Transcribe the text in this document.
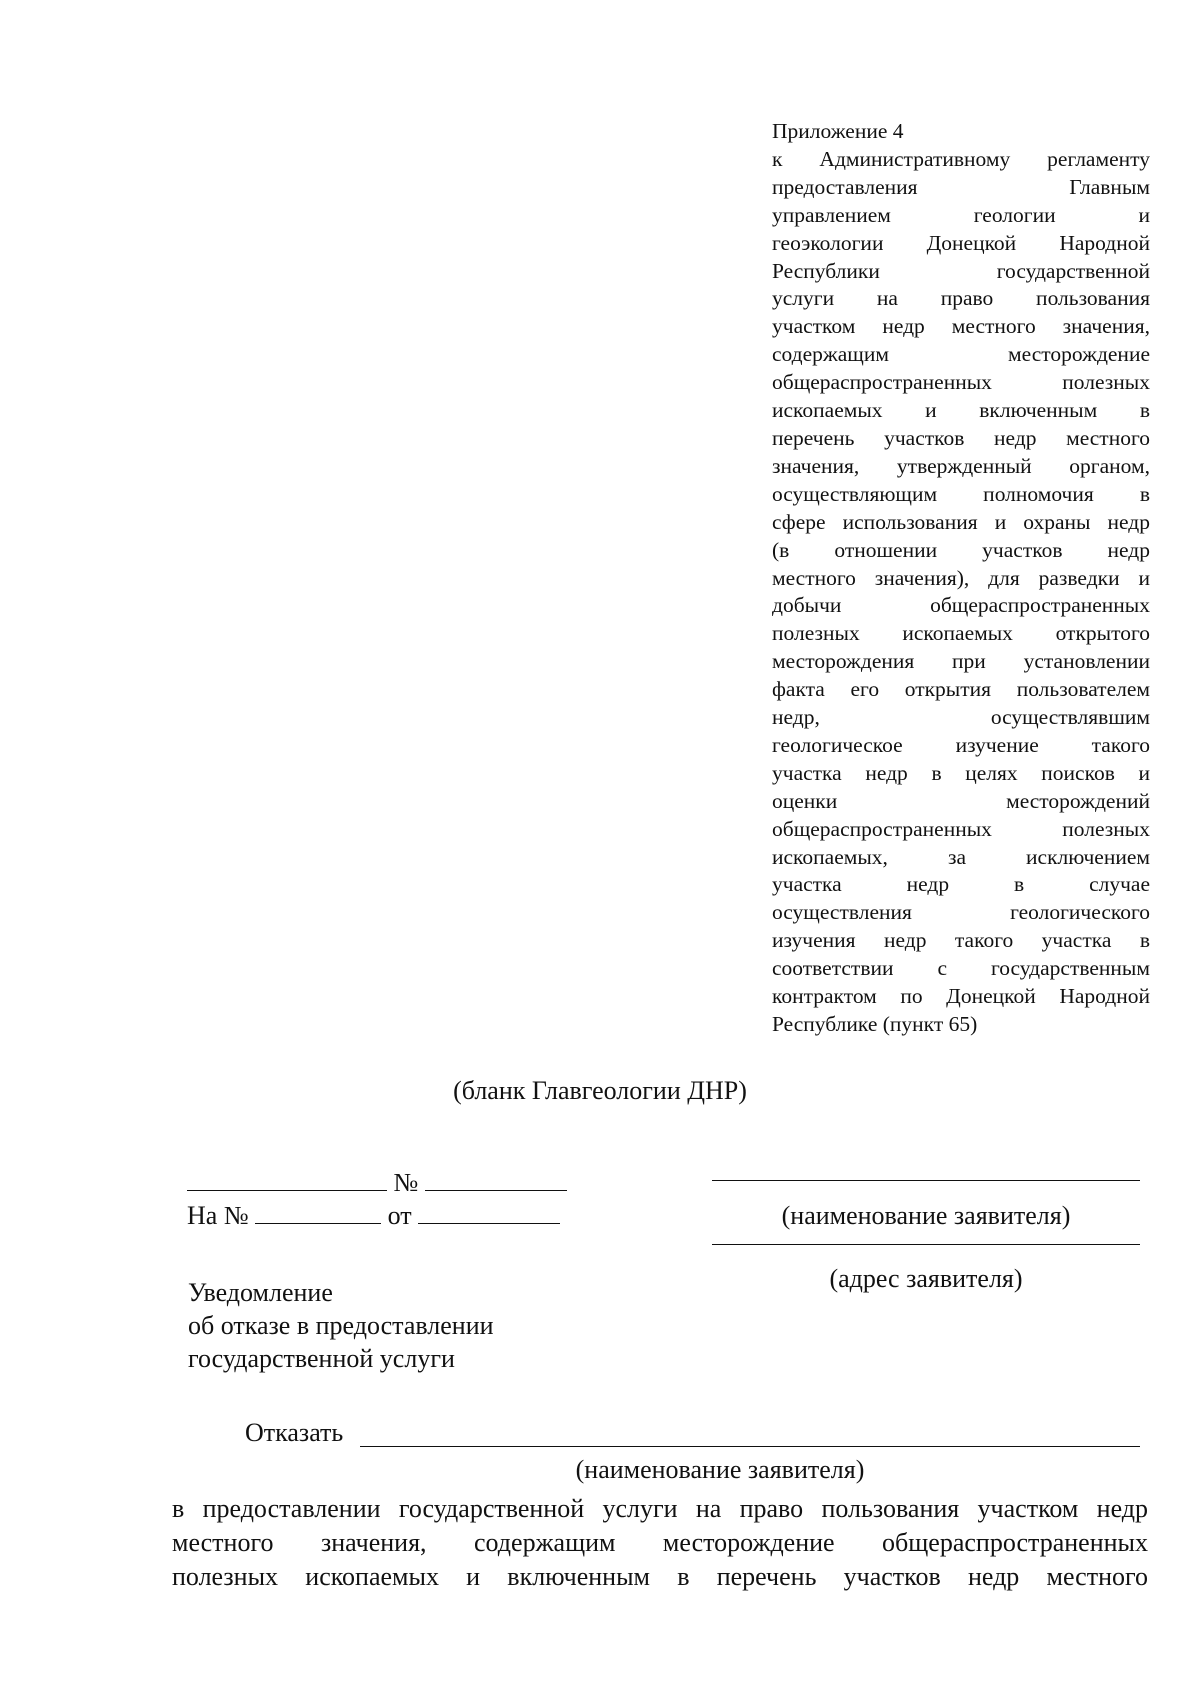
Приложение 4
к Административному регламенту
предоставления Главным
управлением геологии и
геоэкологии Донецкой Народной
Республики государственной
услуги на право пользования
участком недр местного значения,
содержащим месторождение
общераспространенных полезных
ископаемых и включенным в
перечень участков недр местного
значения, утвержденный органом,
осуществляющим полномочия в
сфере использования и охраны недр
(в отношении участков недр
местного значения), для разведки и
добычи общераспространенных
полезных ископаемых открытого
месторождения при установлении
факта его открытия пользователем
недр, осуществлявшим
геологическое изучение такого
участка недр в целях поисков и
оценки месторождений
общераспространенных полезных
ископаемых, за исключением
участка недр в случае
осуществления геологического
изучения недр такого участка в
соответствии с государственным
контрактом по Донецкой Народной
Республике (пункт 65)
(бланк Главгеологии ДНР)
№
На №	от	(наименование заявителя)
(адрес заявителя)
Уведомление
об отказе в предоставлении
государственной услуги
Отказать
(наименование заявителя)
в предоставлении государственной услуги на право пользования участком недр
местного значения, содержащим месторождение общераспространенных
полезных ископаемых и включенным в перечень участков недр местного
